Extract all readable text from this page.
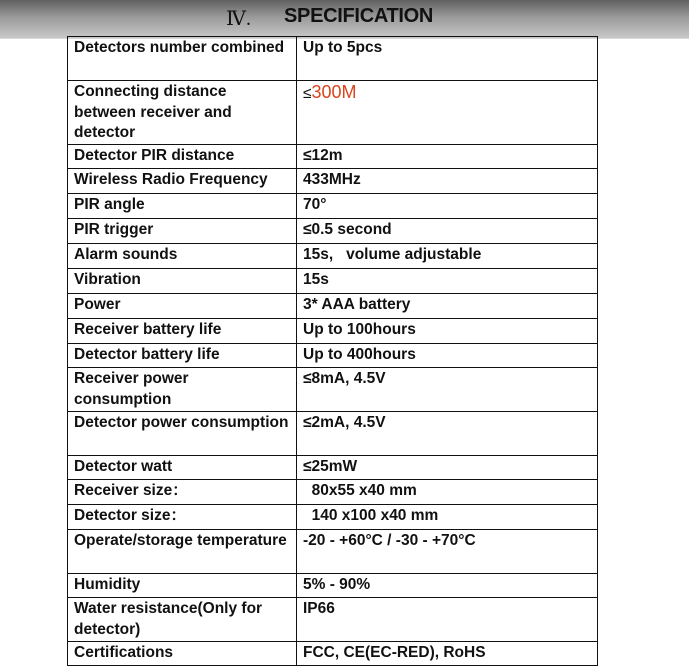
Ⅳ. SPECIFICATION
Detectors number combined	Up to 5pcs
Connecting distance between receiver and detector	≤300M
Detector PIR distance	≤12m
Wireless Radio Frequency	433MHz
PIR angle	70°
PIR trigger	≤0.5 second
Alarm sounds	15s,   volume adjustable
Vibration	15s
Power	3* AAA battery
Receiver battery life	Up to 100hours
Detector battery life	Up to 400hours
Receiver power consumption	≤8mA, 4.5V
Detector power consumption	≤2mA, 4.5V
Detector watt	≤25mW
Receiver size：	80x55 x40 mm
Detector size：	140 x100 x40 mm
Operate/storage temperature	-20 - +60°C / -30 - +70°C
Humidity	5% - 90%
Water resistance(Only for detector)	IP66
Certifications	FCC, CE(EC-RED), RoHS
